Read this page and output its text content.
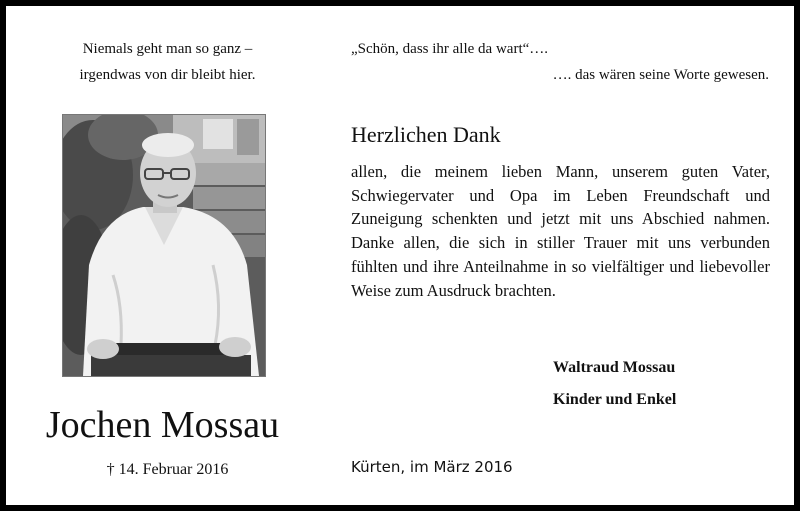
Niemals geht man so ganz –
irgendwas von dir bleibt hier.
„Schön, dass ihr alle da wart“….
…. das wären seine Worte gewesen.
Jochen Mossau
† 14. Februar 2016
Herzlichen Dank
allen, die meinem lieben Mann, unserem guten Vater, Schwiegervater und Opa im Leben Freundschaft und Zuneigung schenkten und jetzt mit uns Abschied nahmen. Danke allen, die sich in stiller Trauer mit uns verbunden fühlten und ihre Anteilnahme in so vielfältiger und liebevoller Weise zum Ausdruck brachten.
Waltraud Mossau
Kinder und Enkel
Kürten, im März 2016
